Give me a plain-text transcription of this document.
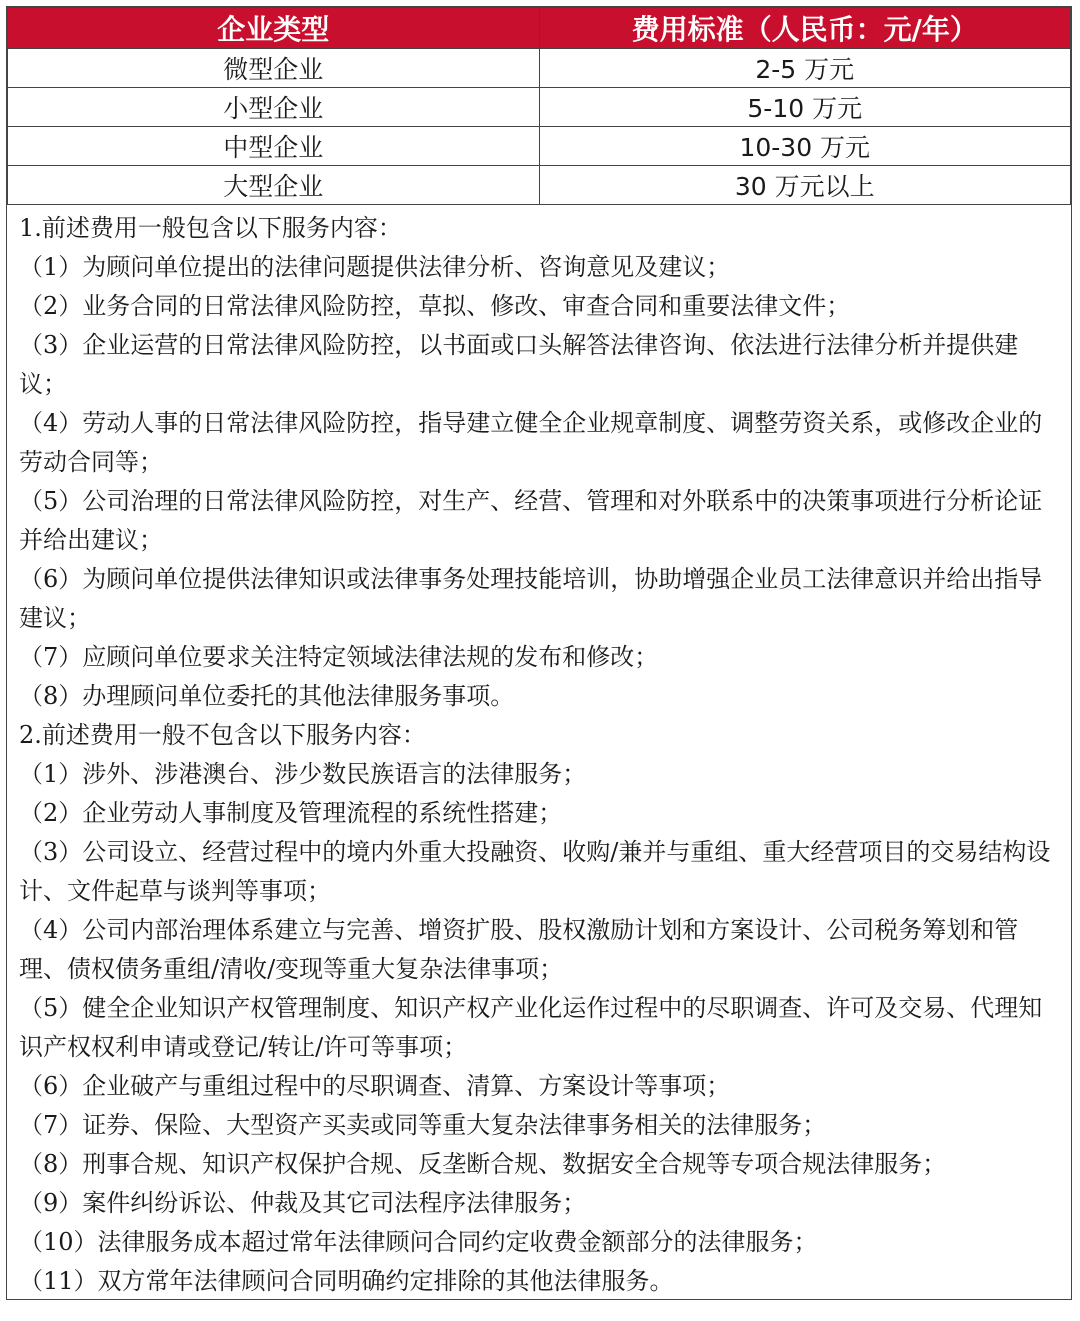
企业类型	费用标准（人民币：元/年）
微型企业	2-5 万元
小型企业	5-10 万元
中型企业	10-30 万元
大型企业	30 万元以上

1.前述费用一般包含以下服务内容：

（1）为顾问单位提出的法律问题提供法律分析、咨询意见及建议；

（2）业务合同的日常法律风险防控，草拟、修改、审查合同和重要法律文件；

（3）企业运营的日常法律风险防控，以书面或口头解答法律咨询、依法进行法律分析并提供建议；

（4）劳动人事的日常法律风险防控，指导建立健全企业规章制度、调整劳资关系，或修改企业的劳动合同等；

（5）公司治理的日常法律风险防控，对生产、经营、管理和对外联系中的决策事项进行分析论证并给出建议；

（6）为顾问单位提供法律知识或法律事务处理技能培训，协助增强企业员工法律意识并给出指导建议；

（7）应顾问单位要求关注特定领域法律法规的发布和修改；

（8）办理顾问单位委托的其他法律服务事项。

2.前述费用一般不包含以下服务内容：

（1）涉外、涉港澳台、涉少数民族语言的法律服务；

（2）企业劳动人事制度及管理流程的系统性搭建；

（3）公司设立、经营过程中的境内外重大投融资、收购/兼并与重组、重大经营项目的交易结构设计、文件起草与谈判等事项；

（4）公司内部治理体系建立与完善、增资扩股、股权激励计划和方案设计、公司税务筹划和管理、债权债务重组/清收/变现等重大复杂法律事项；

（5）健全企业知识产权管理制度、知识产权产业化运作过程中的尽职调查、许可及交易、代理知识产权权利申请或登记/转让/许可等事项；

（6）企业破产与重组过程中的尽职调查、清算、方案设计等事项；

（7）证券、保险、大型资产买卖或同等重大复杂法律事务相关的法律服务；

（8）刑事合规、知识产权保护合规、反垄断合规、数据安全合规等专项合规法律服务；

（9）案件纠纷诉讼、仲裁及其它司法程序法律服务；

（10）法律服务成本超过常年法律顾问合同约定收费金额部分的法律服务；

（11）双方常年法律顾问合同明确约定排除的其他法律服务。
